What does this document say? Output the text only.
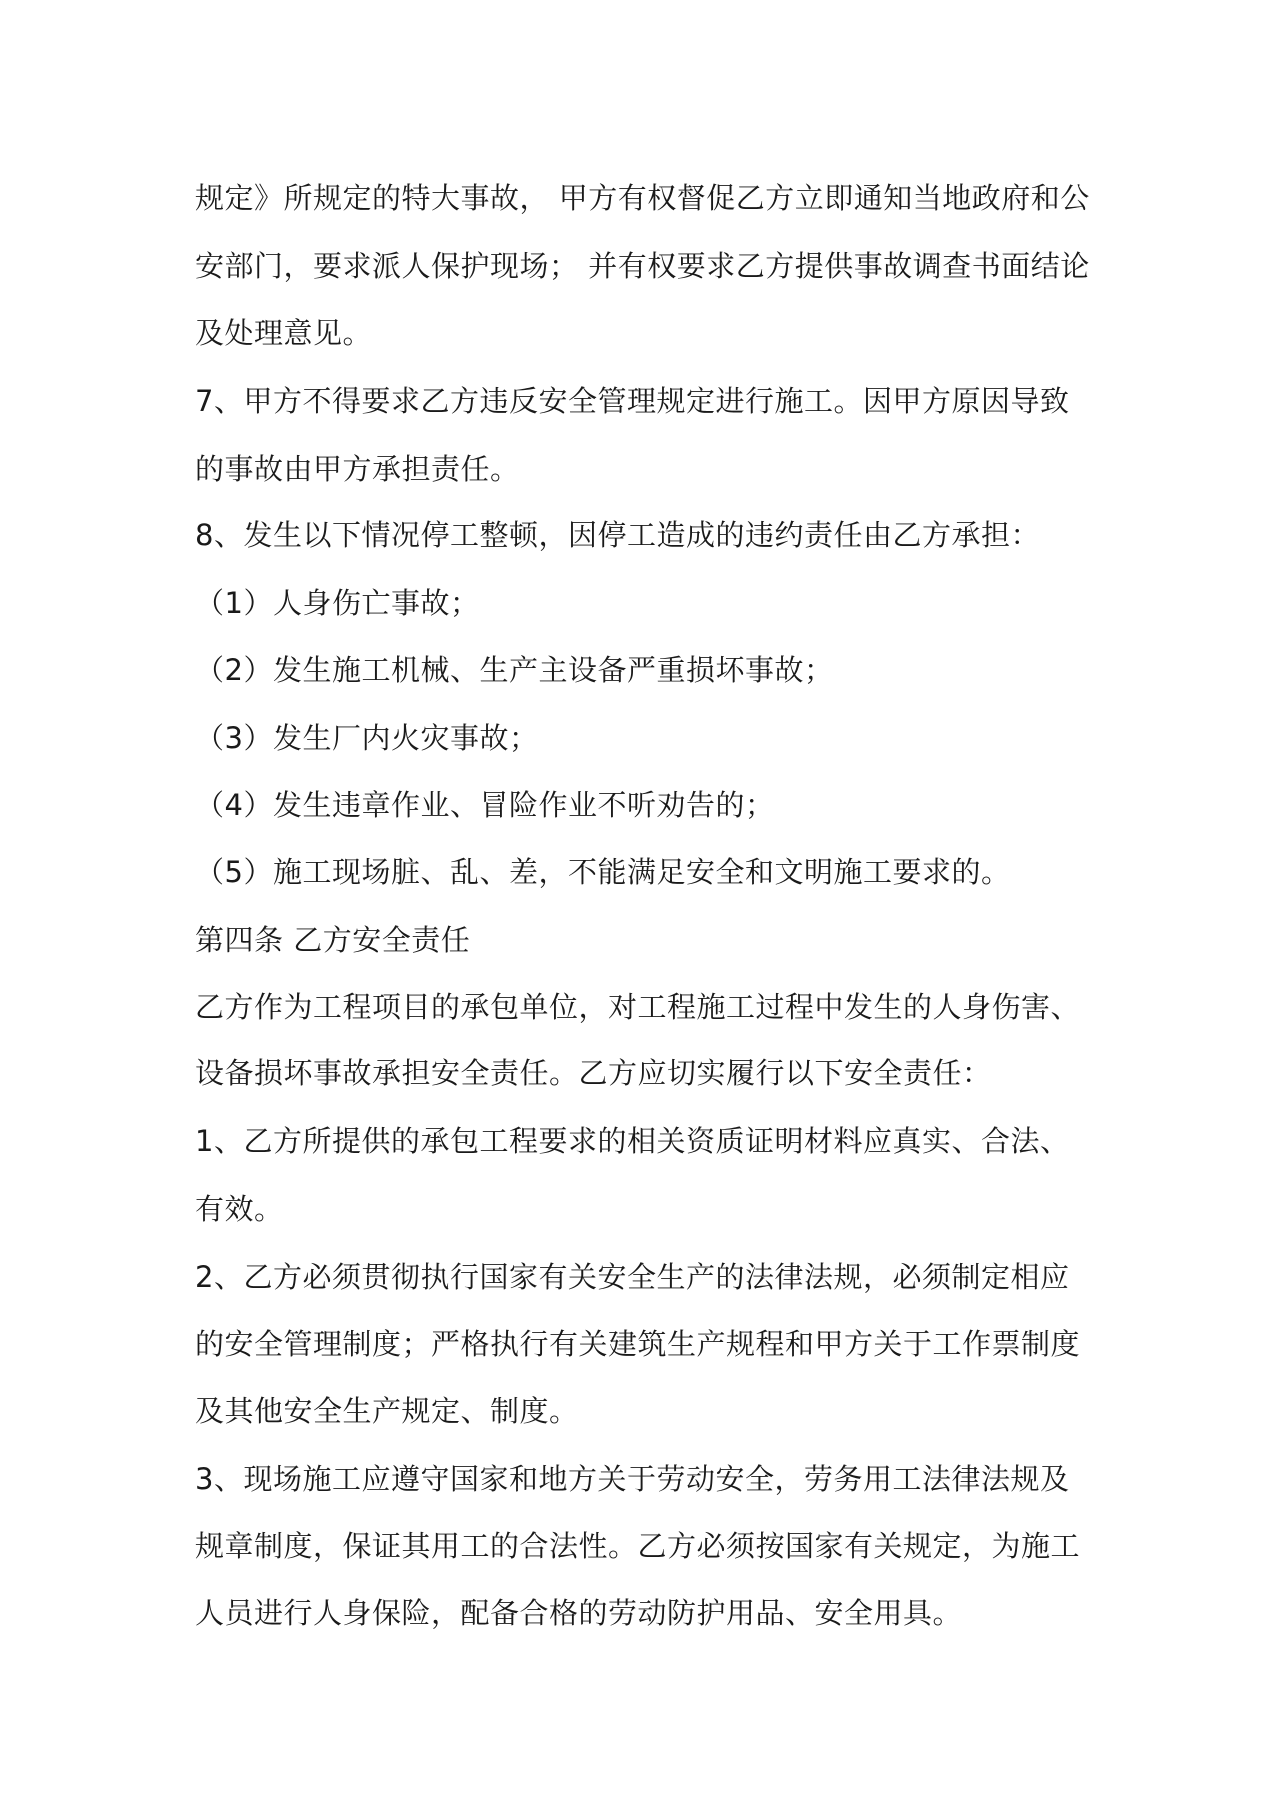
规定》所规定的特大事故， 甲方有权督促乙方立即通知当地政府和公
安部门，要求派人保护现场； 并有权要求乙方提供事故调查书面结论
及处理意见。
7、甲方不得要求乙方违反安全管理规定进行施工。因甲方原因导致
的事故由甲方承担责任。
8、发生以下情况停工整顿，因停工造成的违约责任由乙方承担：
（1）人身伤亡事故；
（2）发生施工机械、生产主设备严重损坏事故；
（3）发生厂内火灾事故；
（4）发生违章作业、冒险作业不听劝告的；
（5）施工现场脏、乱、差，不能满足安全和文明施工要求的。
第四条 乙方安全责任
乙方作为工程项目的承包单位，对工程施工过程中发生的人身伤害、
设备损坏事故承担安全责任。乙方应切实履行以下安全责任：
1、乙方所提供的承包工程要求的相关资质证明材料应真实、合法、
有效。
2、乙方必须贯彻执行国家有关安全生产的法律法规，必须制定相应
的安全管理制度；严格执行有关建筑生产规程和甲方关于工作票制度
及其他安全生产规定、制度。
3、现场施工应遵守国家和地方关于劳动安全，劳务用工法律法规及
规章制度，保证其用工的合法性。乙方必须按国家有关规定，为施工
人员进行人身保险，配备合格的劳动防护用品、安全用具。
